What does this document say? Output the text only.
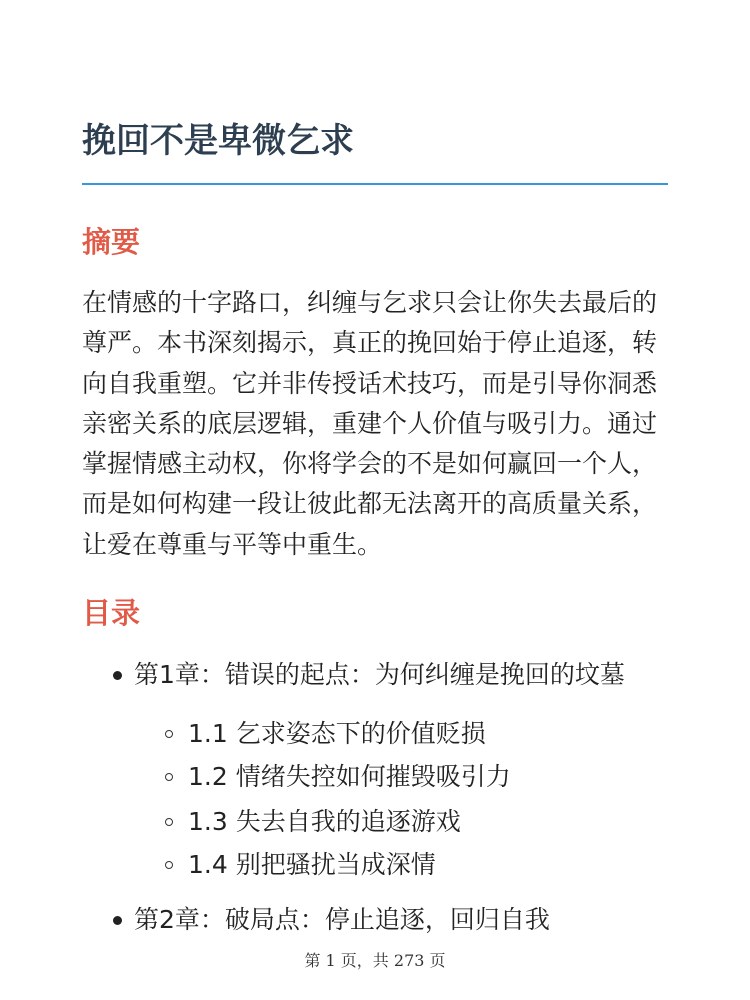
挽回不是卑微乞求
摘要

在情感的十字路口，纠缠与乞求只会让你失去最后的尊严。本书深刻揭示，真正的挽回始于停止追逐，转向自我重塑。它并非传授话术技巧，而是引导你洞悉亲密关系的底层逻辑，重建个人价值与吸引力。通过掌握情感主动权，你将学会的不是如何赢回一个人，而是如何构建一段让彼此都无法离开的高质量关系，让爱在尊重与平等中重生。

目录
第1章：错误的起点：为何纠缠是挽回的坟墓
1.1 乞求姿态下的价值贬损
1.2 情绪失控如何摧毁吸引力
1.3 失去自我的追逐游戏
1.4 别把骚扰当成深情
第2章：破局点：停止追逐，回归自我
第 1 页，共 273 页
